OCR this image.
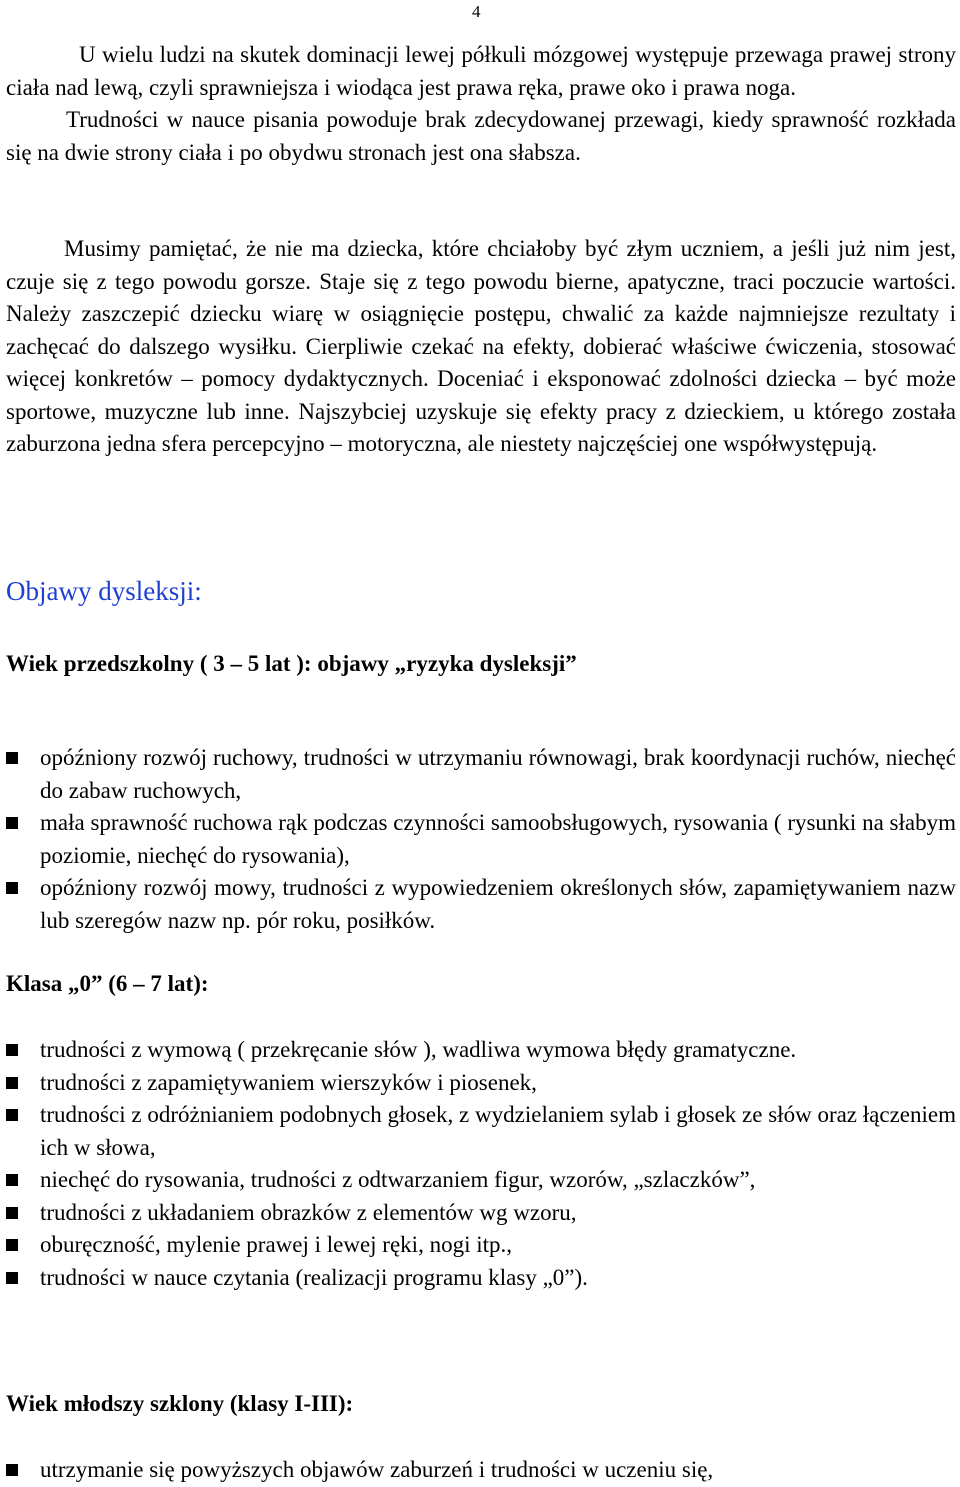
4

U wielu ludzi na skutek dominacji lewej półkuli mózgowej występuje przewaga prawej strony ciała nad lewą, czyli sprawniejsza i wiodąca jest prawa ręka, prawe oko i prawa noga.
Trudności w nauce pisania powoduje brak zdecydowanej przewagi, kiedy sprawność rozkłada się na dwie strony ciała i po obydwu stronach jest ona słabsza.

Musimy pamiętać, że nie ma dziecka, które chciałoby być złym uczniem, a jeśli już nim jest, czuje się z tego powodu gorsze. Staje się z tego powodu bierne, apatyczne, traci poczucie wartości. Należy zaszczepić dziecku wiarę w osiągnięcie postępu, chwalić za każde najmniejsze rezultaty i zachęcać do dalszego wysiłku. Cierpliwie czekać na efekty, dobierać właściwe ćwiczenia, stosować więcej konkretów – pomocy dydaktycznych. Doceniać i eksponować zdolności dziecka – być może sportowe, muzyczne lub inne. Najszybciej uzyskuje się efekty pracy z dzieckiem, u którego została zaburzona jedna sfera percepcyjno – motoryczna, ale niestety najczęściej one współwystępują.

Objawy dysleksji:
Wiek przedszkolny ( 3 – 5 lat ): objawy „ryzyka dysleksji”
opóźniony rozwój ruchowy, trudności w utrzymaniu równowagi, brak koordynacji ruchów, niechęć do zabaw ruchowych,
mała sprawność ruchowa rąk podczas czynności samoobsługowych, rysowania ( rysunki na słabym poziomie, niechęć do rysowania),
opóźniony rozwój mowy, trudności z wypowiedzeniem określonych słów, zapamiętywaniem nazw lub szeregów nazw np. pór roku, posiłków.
Klasa „0” (6 – 7 lat):
trudności z wymową ( przekręcanie słów ), wadliwa wymowa błędy gramatyczne.
trudności z zapamiętywaniem wierszyków i piosenek,
trudności z odróżnianiem podobnych głosek, z wydzielaniem sylab i głosek ze słów oraz łączeniem ich w słowa,
niechęć do rysowania, trudności z odtwarzaniem figur, wzorów, „szlaczków”,
trudności z układaniem obrazków z elementów wg wzoru,
oburęczność, mylenie prawej i lewej ręki, nogi itp.,
trudności w nauce czytania (realizacji programu klasy „0”).
Wiek młodszy szklony (klasy I-III):
utrzymanie się powyższych objawów zaburzeń i trudności w uczeniu się,
